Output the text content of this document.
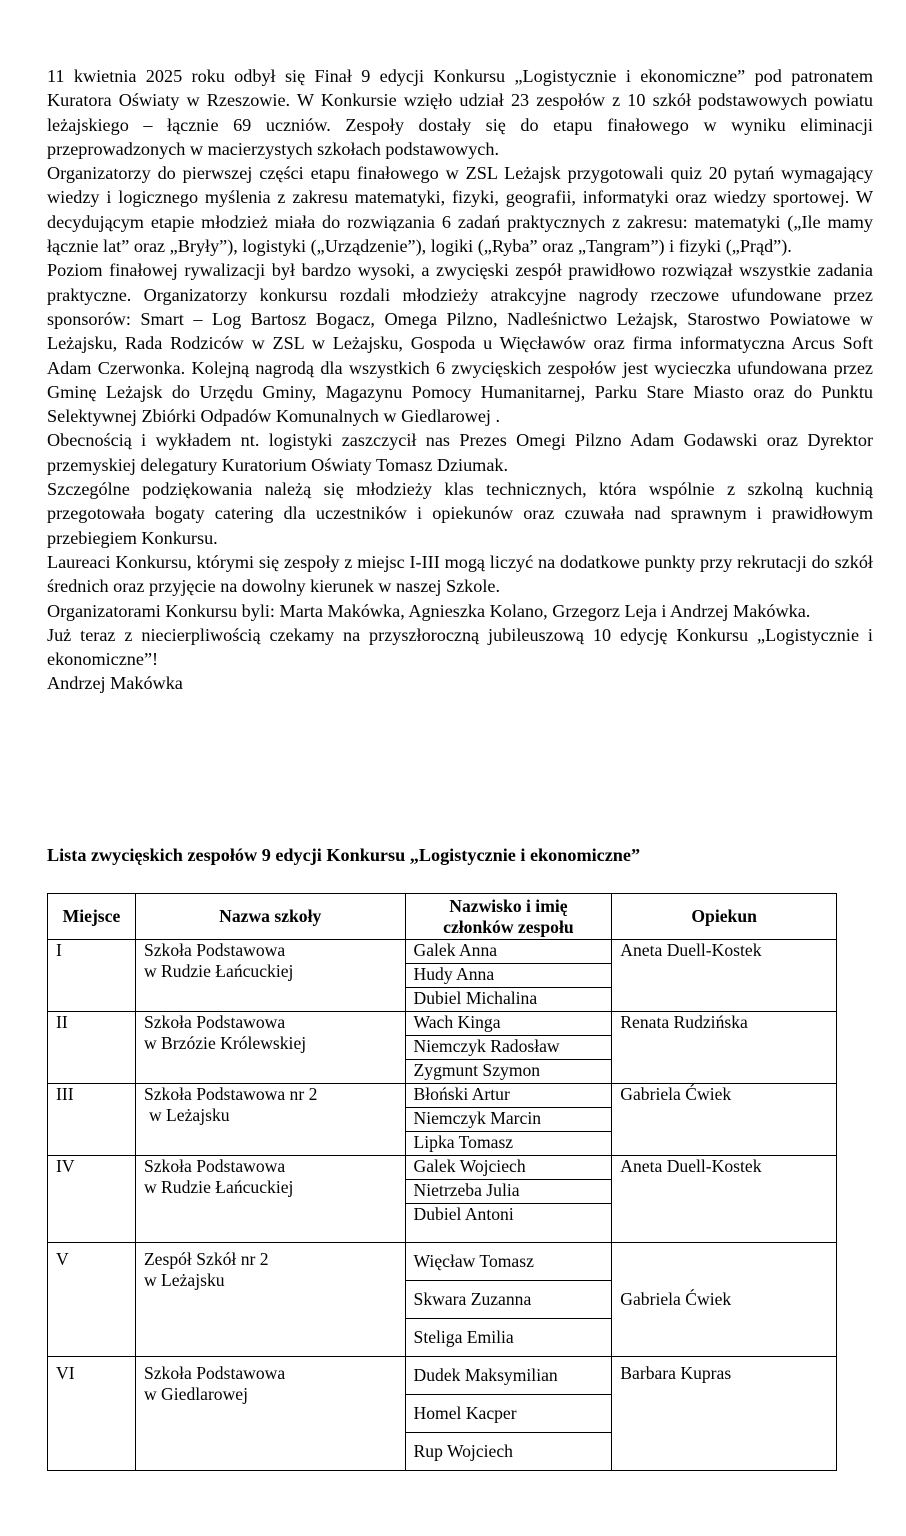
11 kwietnia 2025 roku odbył się Finał 9 edycji Konkursu „Logistycznie i ekonomiczne” pod patronatem Kuratora Oświaty w Rzeszowie. W Konkursie wzięło udział 23 zespołów z 10 szkół podstawowych powiatu leżajskiego – łącznie 69 uczniów. Zespoły dostały się do etapu finałowego w wyniku eliminacji przeprowadzonych w macierzystych szkołach podstawowych.

Organizatorzy do pierwszej części etapu finałowego w ZSL Leżajsk przygotowali quiz 20 pytań wymagający wiedzy i logicznego myślenia z zakresu matematyki, fizyki, geografii, informatyki oraz wiedzy sportowej. W decydującym etapie młodzież miała do rozwiązania 6 zadań praktycznych z zakresu: matematyki („Ile mamy łącznie lat” oraz „Bryły”), logistyki („Urządzenie”), logiki („Ryba” oraz „Tangram”) i fizyki („Prąd”).

Poziom finałowej rywalizacji był bardzo wysoki, a zwycięski zespół prawidłowo rozwiązał wszystkie zadania praktyczne. Organizatorzy konkursu rozdali młodzieży atrakcyjne nagrody rzeczowe ufundowane przez sponsorów: Smart – Log Bartosz Bogacz, Omega Pilzno, Nadleśnictwo Leżajsk, Starostwo Powiatowe w Leżajsku, Rada Rodziców w ZSL w Leżajsku, Gospoda u Więcławów oraz firma informatyczna Arcus Soft Adam Czerwonka. Kolejną nagrodą dla wszystkich 6 zwycięskich zespołów jest wycieczka ufundowana przez Gminę Leżajsk do Urzędu Gminy, Magazynu Pomocy Humanitarnej, Parku Stare Miasto oraz do Punktu Selektywnej Zbiórki Odpadów Komunalnych w Giedlarowej .

Obecnością i wykładem nt. logistyki zaszczycił nas Prezes Omegi Pilzno Adam Godawski oraz Dyrektor przemyskiej delegatury Kuratorium Oświaty Tomasz Dziumak.

Szczególne podziękowania należą się młodzieży klas technicznych, która wspólnie z szkolną kuchnią przegotowała bogaty catering dla uczestników i opiekunów oraz czuwała nad sprawnym i prawidłowym przebiegiem Konkursu.

Laureaci Konkursu, którymi się zespoły z miejsc I-III mogą liczyć na dodatkowe punkty przy rekrutacji do szkół średnich oraz przyjęcie na dowolny kierunek w naszej Szkole.

Organizatorami Konkursu byli: Marta Makówka, Agnieszka Kolano, Grzegorz Leja i Andrzej Makówka.

Już teraz z niecierpliwością czekamy na przyszłoroczną jubileuszową 10 edycję Konkursu „Logistycznie i ekonomiczne”!

Andrzej Makówka

Lista zwycięskich zespołów 9 edycji Konkursu „Logistycznie i ekonomiczne”

Miejsce	Nazwa szkoły	Nazwisko i imię
członków zespołu	Opiekun
I	Szkoła Podstawowa
w Rudzie Łańcuckiej	Galek Anna	Aneta Duell-Kostek
		Hudy Anna	
		Dubiel Michalina	
II	Szkoła Podstawowa
w Brzózie Królewskiej	Wach Kinga	Renata Rudzińska
		Niemczyk Radosław	
		Zygmunt Szymon	
III	Szkoła Podstawowa nr 2
w Leżajsku	Błoński Artur	Gabriela Ćwiek
		Niemczyk Marcin	
		Lipka Tomasz	
IV	Szkoła Podstawowa
w Rudzie Łańcuckiej	Galek Wojciech	Aneta Duell-Kostek
		Nietrzeba Julia	
		Dubiel Antoni	
V	Zespół Szkół nr 2
w Leżajsku	Więcław Tomasz	Gabriela Ćwiek
		Skwara Zuzanna	
		Steliga Emilia	
VI	Szkoła Podstawowa
w Giedlarowej	Dudek Maksymilian	Barbara Kupras
		Homel Kacper	
		Rup Wojciech	
